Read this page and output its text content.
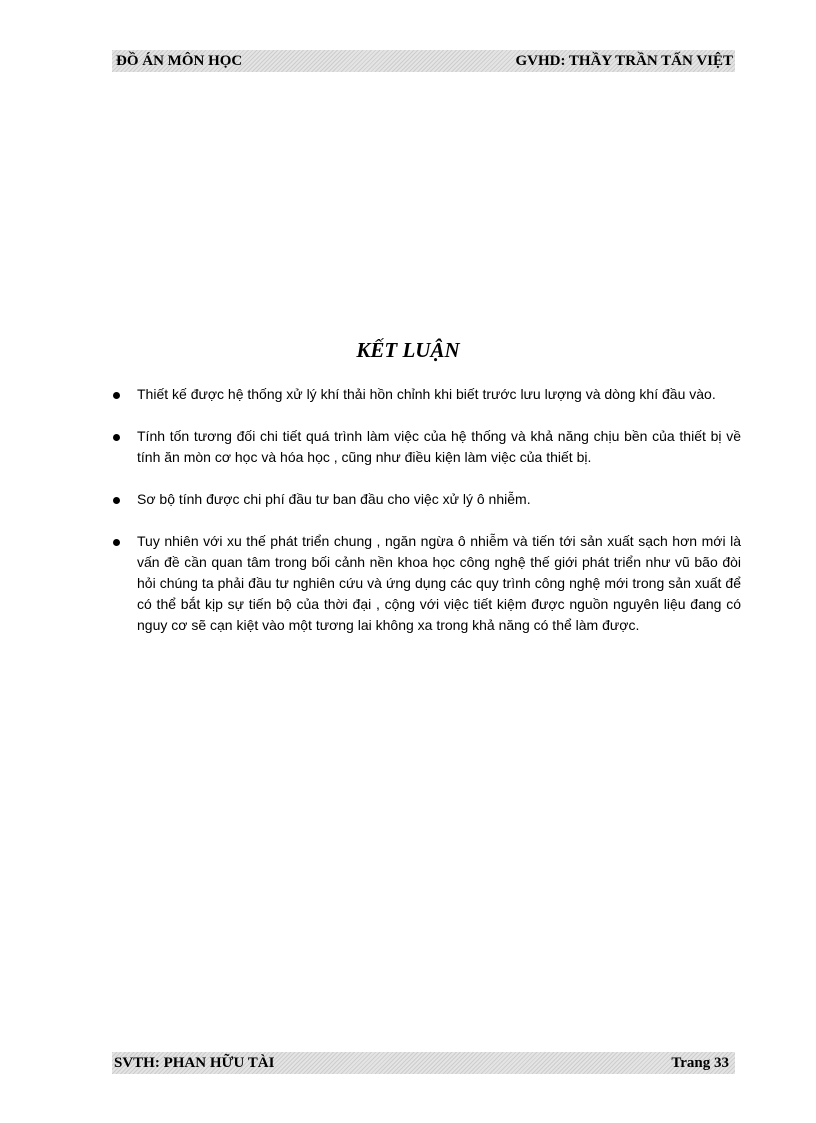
ĐỒ ÁN MÔN HỌC	GVHD: THẦY TRẦN TẤN VIỆT
KẾT LUẬN
Thiết kế được hệ thống xử lý khí thải hồn chỉnh khi biết trước lưu lượng và dòng khí đầu vào.
Tính tốn tương đối chi tiết quá trình làm việc của hệ thống và khả năng chịu bền của thiết bị về tính ăn mòn cơ học và hóa học , cũng như điều kiện làm việc của thiết bị.
Sơ bộ tính được chi phí đầu tư ban đầu cho việc xử lý ô nhiễm.
Tuy nhiên với xu thế phát triển chung , ngăn ngừa ô nhiễm và tiến tới sản xuất sạch hơn mới là vấn đề cần quan tâm trong bối cảnh nền khoa học công nghệ thế giới phát triển như vũ bão đòi hỏi chúng ta phải đầu tư nghiên cứu và ứng dụng các quy trình công nghệ mới trong sản xuất để có thể bắt kịp sự tiến bộ của thời đại , cộng với việc tiết kiệm được nguồn nguyên liệu đang có nguy cơ sẽ cạn kiệt vào một tương lai không xa trong khả năng có thể làm được.
SVTH: PHAN HỮU TÀI	Trang 33
